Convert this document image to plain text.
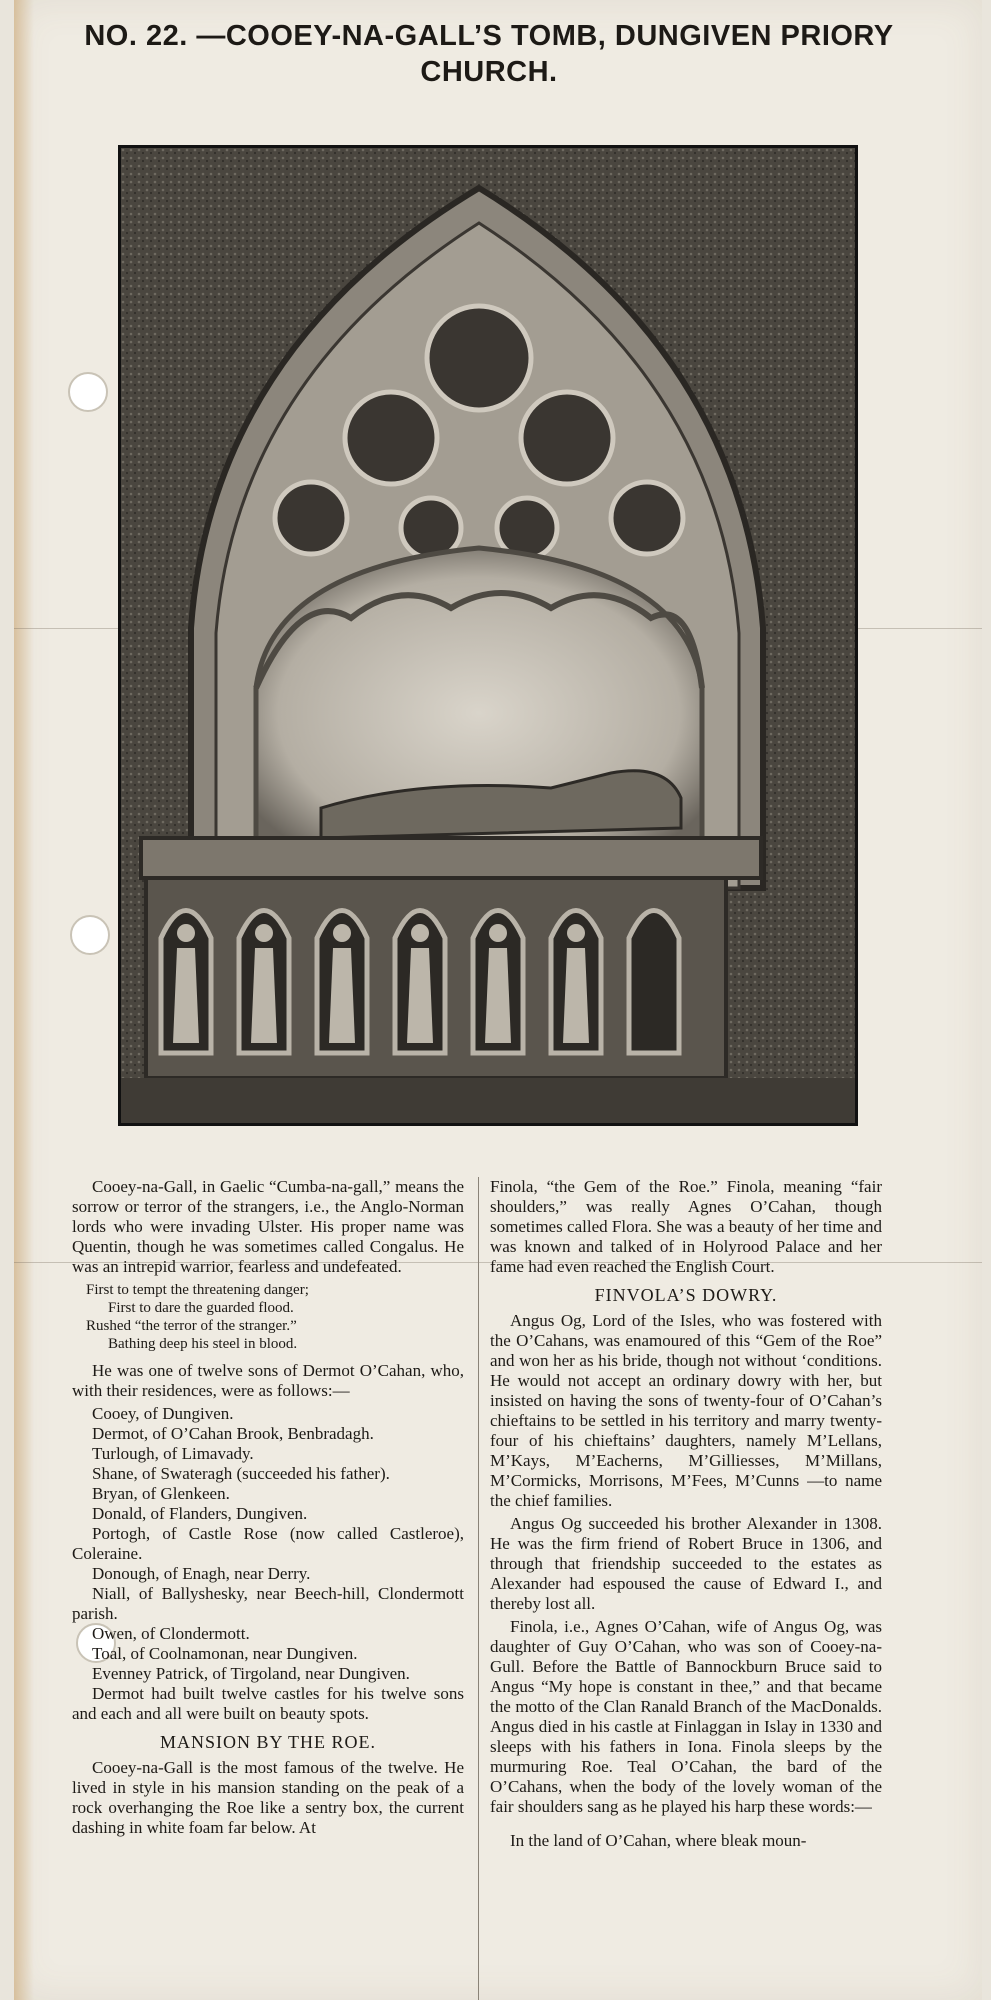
NO. 22. —COOEY-NA-GALL’S TOMB, DUNGIVEN PRIORY CHURCH.

Cooey-na-Gall, in Gaelic “Cumba-na-gall,” means the sorrow or terror of the strangers, i.e., the Anglo-Norman lords who were invading Ulster. His proper name was Quentin, though he was sometimes called Congalus. He was an intrepid warrior, fearless and undefeated.

First to tempt the threatening danger;
First to dare the guarded flood.
Rushed “the terror of the stranger.”
Bathing deep his steel in blood.

He was one of twelve sons of Dermot O’Cahan, who, with their residences, were as follows:—

Cooey, of Dungiven.

Dermot, of O’Cahan Brook, Benbradagh.

Turlough, of Limavady.

Shane, of Swateragh (succeeded his father).

Bryan, of Glenkeen.

Donald, of Flanders, Dungiven.

Portogh, of Castle Rose (now called Castleroe), Coleraine.

Donough, of Enagh, near Derry.

Niall, of Ballyshesky, near Beech-hill, Clondermott parish.

Owen, of Clondermott.

Toal, of Coolnamonan, near Dungiven.

Evenney Patrick, of Tirgoland, near Dungiven.

Dermot had built twelve castles for his twelve sons and each and all were built on beauty spots.

MANSION BY THE ROE.

Cooey-na-Gall is the most famous of the twelve. He lived in style in his mansion standing on the peak of a rock overhanging the Roe like a sentry box, the current dashing in white foam far below. At

Finola, “the Gem of the Roe.” Finola, meaning “fair shoulders,” was really Agnes O’Cahan, though sometimes called Flora. She was a beauty of her time and was known and talked of in Holyrood Palace and her fame had even reached the English Court.

FINVOLA’S DOWRY.

Angus Og, Lord of the Isles, who was fostered with the O’Cahans, was enamoured of this “Gem of the Roe” and won her as his bride, though not without ‘conditions. He would not accept an ordinary dowry with her, but insisted on having the sons of twenty-four of O’Cahan’s chieftains to be settled in his territory and marry twenty-four of his chieftains’ daughters, namely M’Lellans, M’Kays, M’Eacherns, M’Gilliesses, M’Millans, M’Cormicks, Morrisons, M’Fees, M’Cunns —to name the chief families.

Angus Og succeeded his brother Alexander in 1308. He was the firm friend of Robert Bruce in 1306, and through that friendship succeeded to the estates as Alexander had espoused the cause of Edward I., and thereby lost all.

Finola, i.e., Agnes O’Cahan, wife of Angus Og, was daughter of Guy O’Cahan, who was son of Cooey-na-Gull. Before the Battle of Bannockburn Bruce said to Angus “My hope is constant in thee,” and that became the motto of the Clan Ranald Branch of the MacDonalds. Angus died in his castle at Finlaggan in Islay in 1330 and sleeps with his fathers in Iona. Finola sleeps by the murmuring Roe. Teal O’Cahan, the bard of the O’Cahans, when the body of the lovely woman of the fair shoulders sang as he played his harp these words:—

In the land of O’Cahan, where bleak moun-
